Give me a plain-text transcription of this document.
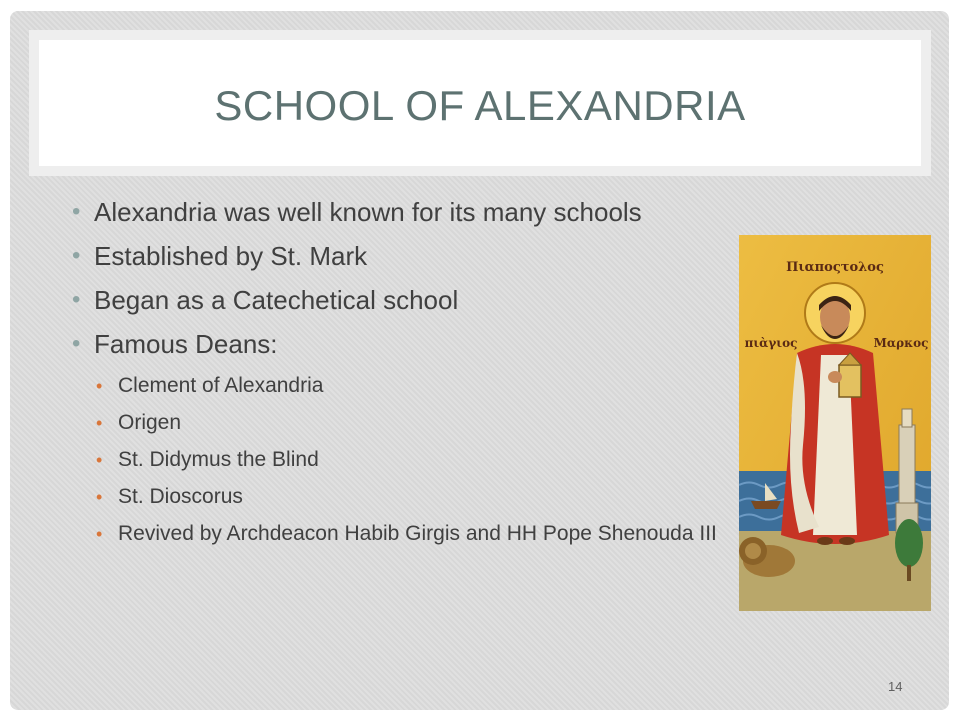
SCHOOL OF ALEXANDRIA
• Alexandria was well known for its many schools
• Established by St. Mark
• Began as a Catechetical school
• Famous Deans:
• Clement of Alexandria
• Origen
• St. Didymus the Blind
• St. Dioscorus
• Revived by Archdeacon Habib Girgis and HH Pope Shenouda III
Πιαποςτολος
πιὰγιος	Μαρκος
14
